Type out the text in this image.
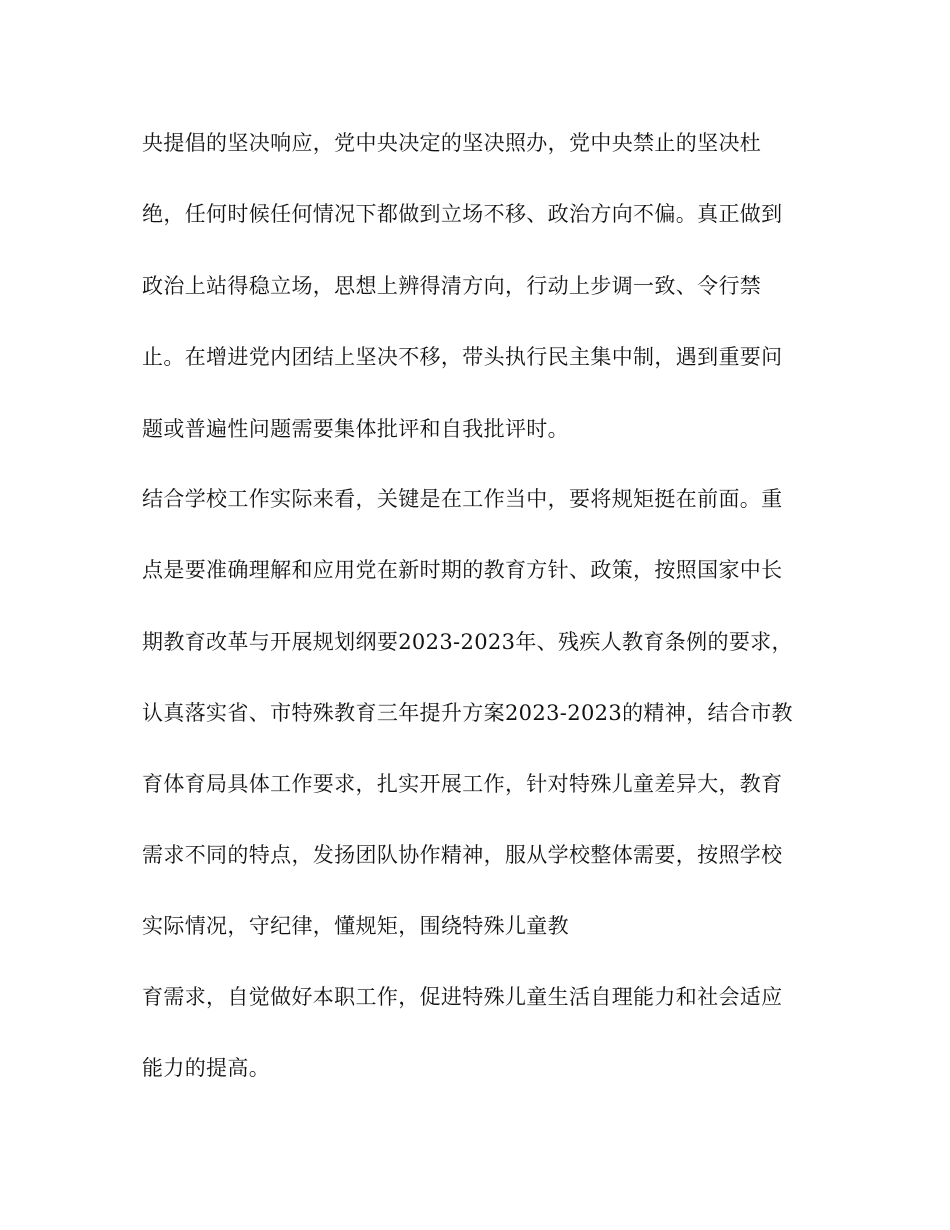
央提倡的坚决响应，党中央决定的坚决照办，党中央禁止的坚决杜
绝，任何时候任何情况下都做到立场不移、政治方向不偏。真正做到
政治上站得稳立场，思想上辨得清方向，行动上步调一致、令行禁
止。在增进党内团结上坚决不移，带头执行民主集中制，遇到重要问
题或普遍性问题需要集体批评和自我批评时。
结合学校工作实际来看，关键是在工作当中，要将规矩挺在前面。重
点是要准确理解和应用党在新时期的教育方针、政策，按照国家中长
期教育改革与开展规划纲要2023-2023年、残疾人教育条例的要求，
认真落实省、市特殊教育三年提升方案2023-2023的精神，结合市教
育体育局具体工作要求，扎实开展工作，针对特殊儿童差异大，教育
需求不同的特点，发扬团队协作精神，服从学校整体需要，按照学校
实际情况，守纪律，懂规矩，围绕特殊儿童教
育需求，自觉做好本职工作，促进特殊儿童生活自理能力和社会适应
能力的提高。
